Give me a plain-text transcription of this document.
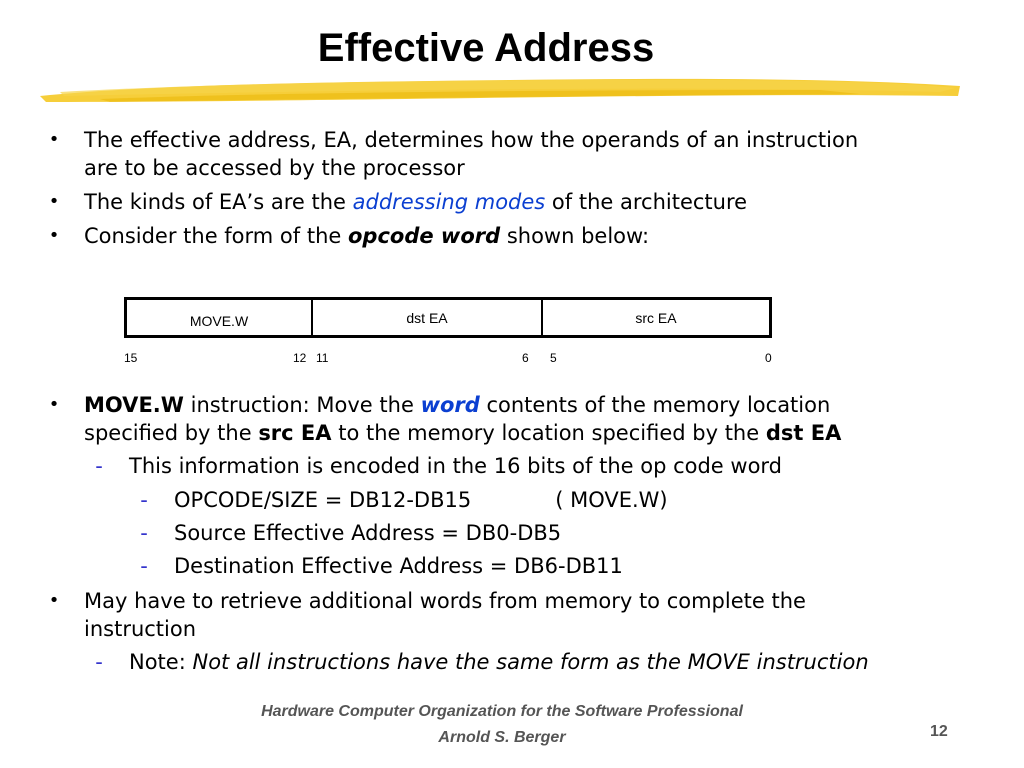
Effective Address
• The effective address, EA, determines how the operands of an instruction
are to be accessed by the processor
• The kinds of EA’s are the addressing modes of the architecture
• Consider the form of the opcode word shown below:
MOVE.W	dst EA	src EA
15	12 11	6 5	0
• MOVE.W instruction: Move the word contents of the memory location
specified by the src EA to the memory location specified by the dst EA
- This information is encoded in the 16 bits of the op code word
- OPCODE/SIZE = DB12-DB15	( MOVE.W)
- Source Effective Address = DB0-DB5
- Destination Effective Address = DB6-DB11
• May have to retrieve additional words from memory to complete the
instruction
- Note: Not all instructions have the same form as the MOVE instruction
Hardware Computer Organization for the Software Professional
Arnold S. Berger	12
